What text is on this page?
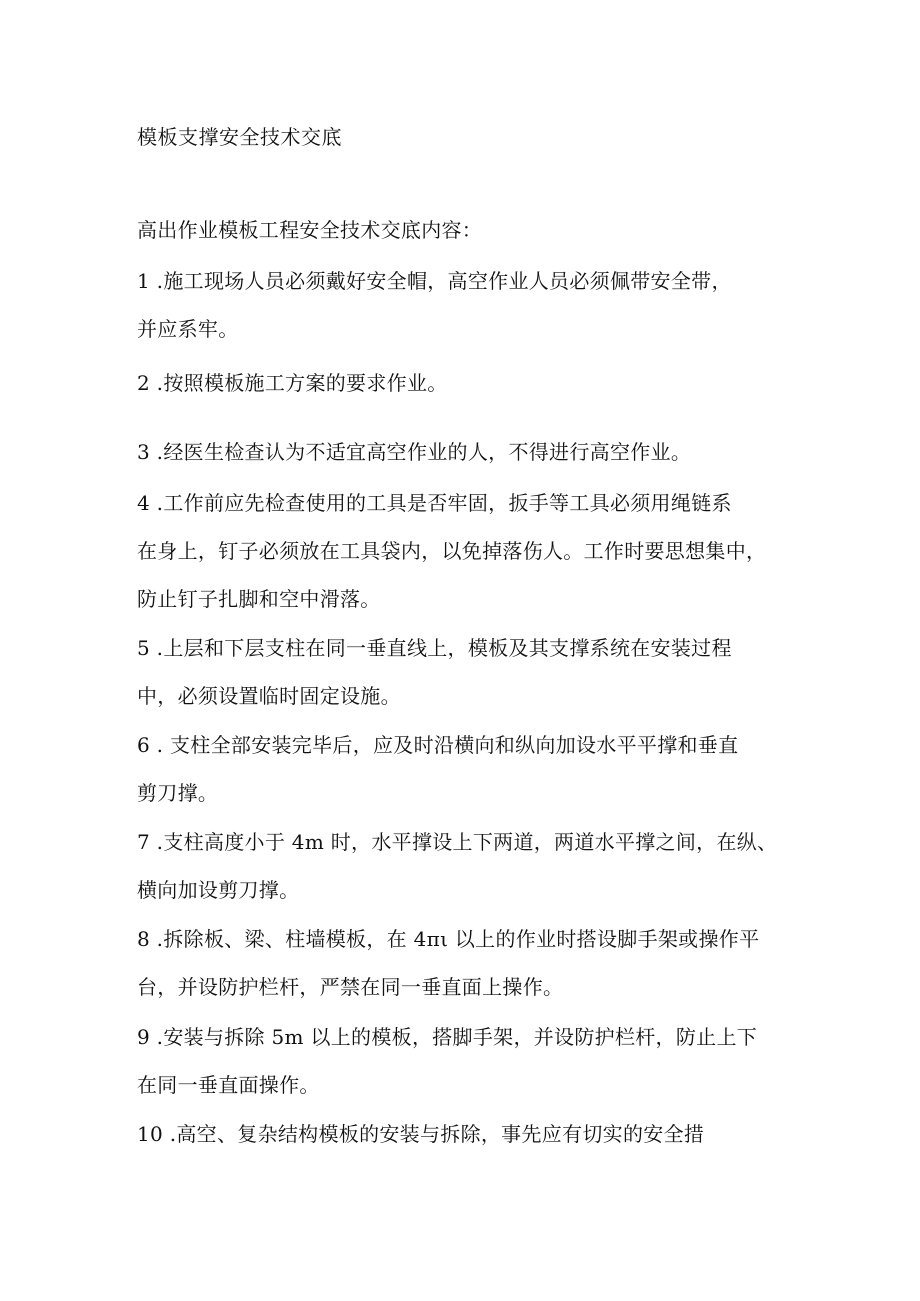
模板支撑安全技术交底
高出作业模板工程安全技术交底内容：
1 .施工现场人员必须戴好安全帽，高空作业人员必须佩带安全带，
并应系牢。
2 .按照模板施工方案的要求作业。
3 .经医生检查认为不适宜高空作业的人，不得进行高空作业。
4 .工作前应先检查使用的工具是否牢固，扳手等工具必须用绳链系
在身上，钉子必须放在工具袋内，以免掉落伤人。工作时要思想集中，
防止钉子扎脚和空中滑落。
5 .上层和下层支柱在同一垂直线上，模板及其支撑系统在安装过程
中，必须设置临时固定设施。
6 . 支柱全部安装完毕后，应及时沿横向和纵向加设水平平撑和垂直
剪刀撑。
7 .支柱高度小于 4m 时，水平撑设上下两道，两道水平撑之间，在纵、
横向加设剪刀撑。
8 .拆除板、梁、柱墙模板，在 4πι 以上的作业时搭设脚手架或操作平
台，并设防护栏杆，严禁在同一垂直面上操作。
9 .安装与拆除 5m 以上的模板，搭脚手架，并设防护栏杆，防止上下
在同一垂直面操作。
10 .高空、复杂结构模板的安装与拆除，事先应有切实的安全措
